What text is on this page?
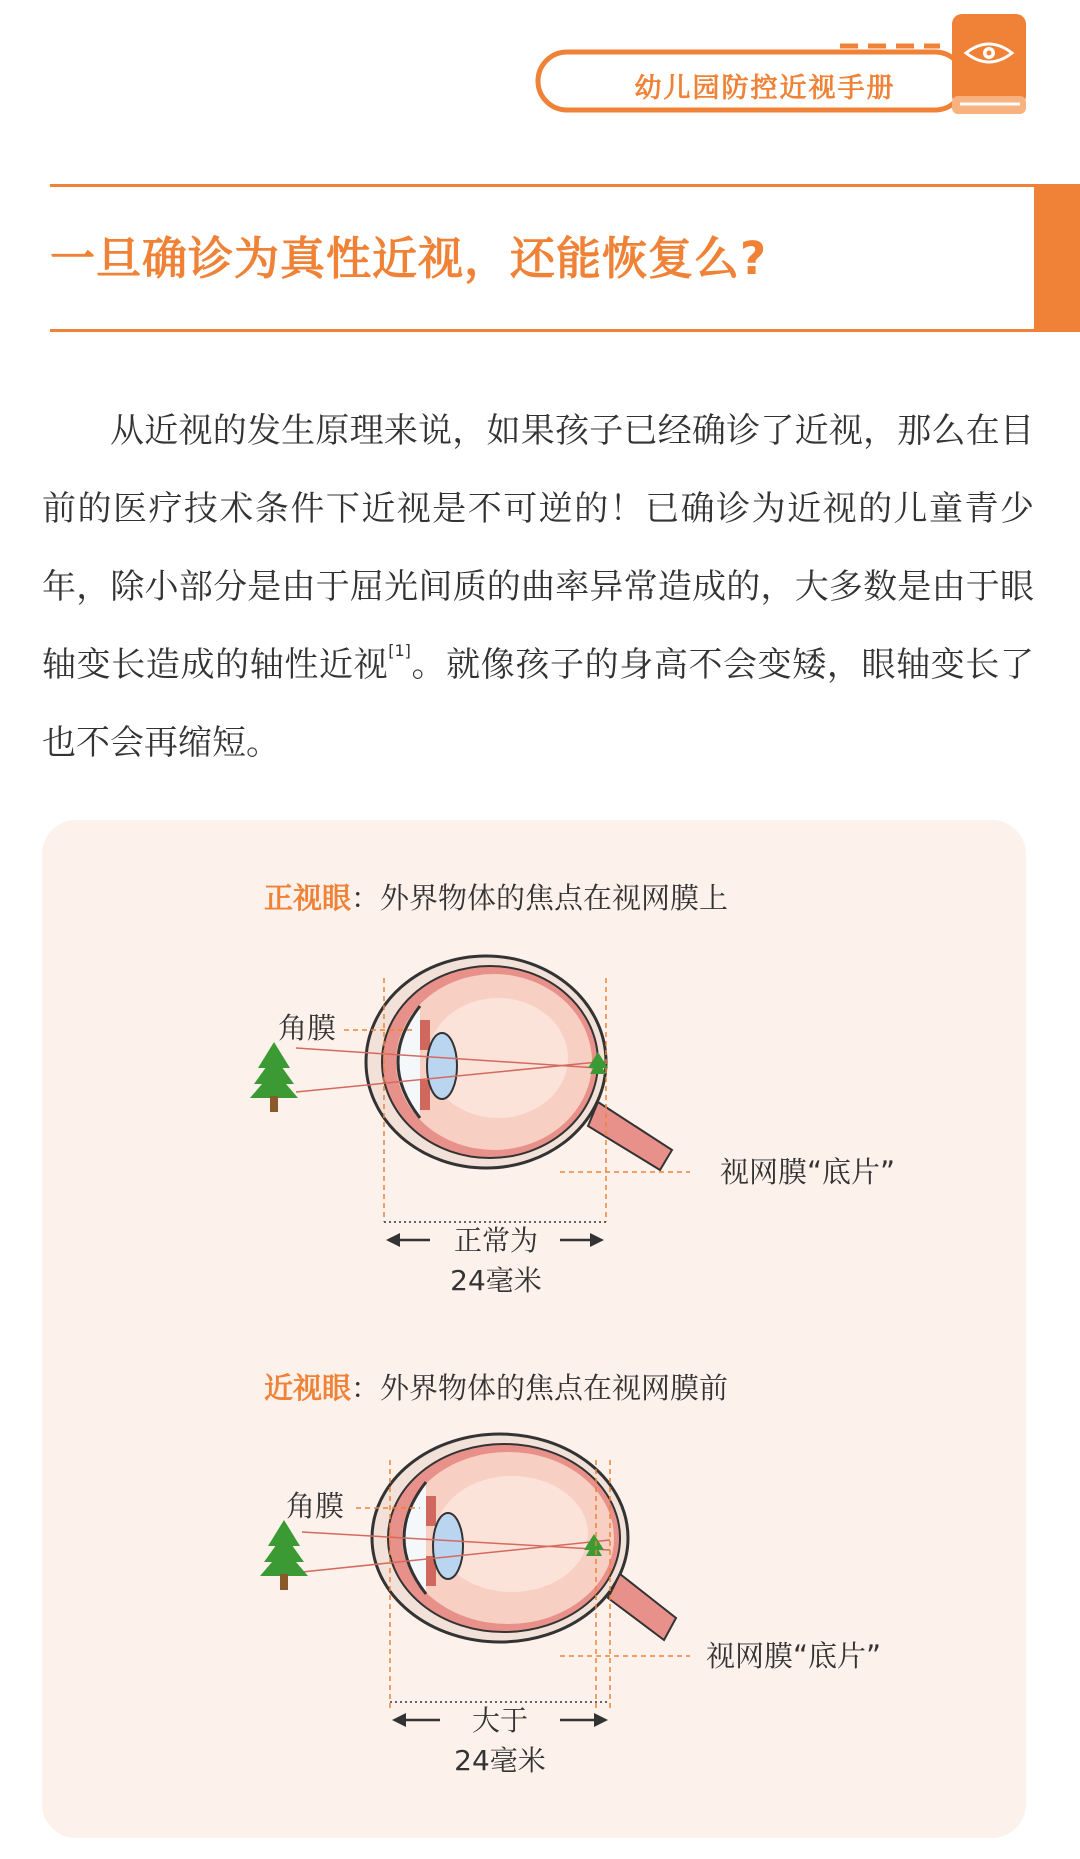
幼儿园防控近视手册
一旦确诊为真性近视，还能恢复么?
从近视的发生原理来说，如果孩子已经确诊了近视，那么在目前的医疗技术条件下近视是不可逆的！已确诊为近视的儿童青少年，除小部分是由于屈光间质的曲率异常造成的，大多数是由于眼轴变长造成的轴性近视[1]。就像孩子的身高不会变矮，眼轴变长了也不会再缩短。
正视眼：外界物体的焦点在视网膜上
角膜
视网膜“底片”
正常为
24毫米
近视眼：外界物体的焦点在视网膜前
角膜
视网膜“底片”
大于
24毫米
